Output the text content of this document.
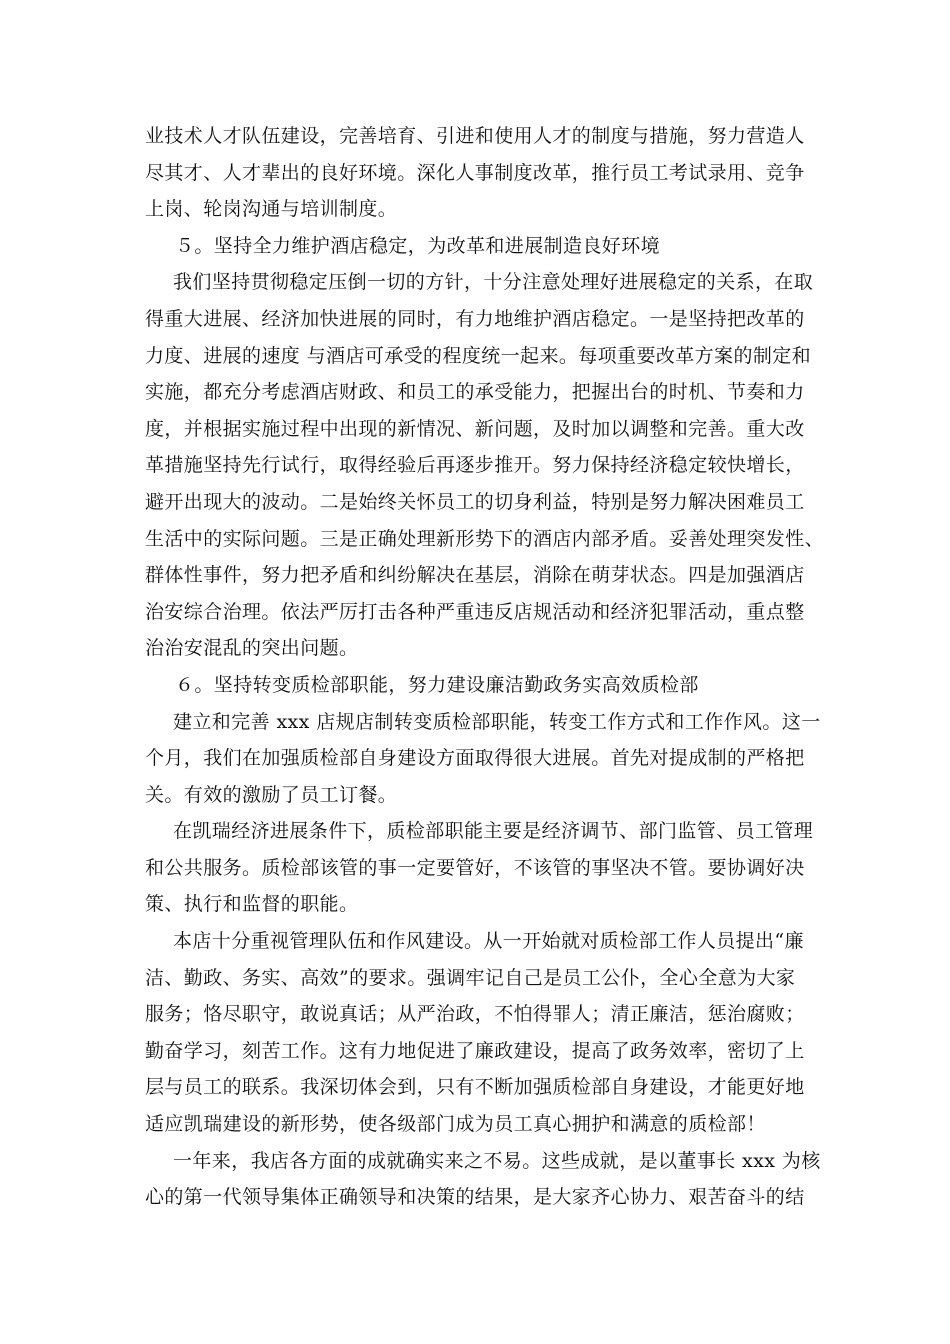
业技术人才队伍建设，完善培育、引进和使用人才的制度与措施，努力营造人
尽其才、人才辈出的良好环境。深化人事制度改革，推行员工考试录用、竞争
上岗、轮岗沟通与培训制度。
５。坚持全力维护酒店稳定，为改革和进展制造良好环境
我们坚持贯彻稳定压倒一切的方针，十分注意处理好进展稳定的关系，在取
得重大进展、经济加快进展的同时，有力地维护酒店稳定。一是坚持把改革的
力度、进展的速度 与酒店可承受的程度统一起来。每项重要改革方案的制定和
实施，都充分考虑酒店财政、和员工的承受能力，把握出台的时机、节奏和力
度，并根据实施过程中出现的新情况、新问题，及时加以调整和完善。重大改
革措施坚持先行试行，取得经验后再逐步推开。努力保持经济稳定较快增长，
避开出现大的波动。二是始终关怀员工的切身利益，特别是努力解决困难员工
生活中的实际问题。三是正确处理新形势下的酒店内部矛盾。妥善处理突发性、
群体性事件，努力把矛盾和纠纷解决在基层，消除在萌芽状态。四是加强酒店
治安综合治理。依法严厉打击各种严重违反店规活动和经济犯罪活动，重点整
治治安混乱的突出问题。
６。坚持转变质检部职能，努力建设廉洁勤政务实高效质检部
建立和完善 xxx 店规店制转变质检部职能，转变工作方式和工作作风。这一
个月，我们在加强质检部自身建设方面取得很大进展。首先对提成制的严格把
关。有效的激励了员工订餐。
在凯瑞经济进展条件下，质检部职能主要是经济调节、部门监管、员工管理
和公共服务。质检部该管的事一定要管好，不该管的事坚决不管。要协调好决
策、执行和监督的职能。
本店十分重视管理队伍和作风建设。从一开始就对质检部工作人员提出“廉
洁、勤政、务实、高效”的要求。强调牢记自己是员工公仆，全心全意为大家
服务；恪尽职守，敢说真话；从严治政，不怕得罪人；清正廉洁，惩治腐败；
勤奋学习，刻苦工作。这有力地促进了廉政建设，提高了政务效率，密切了上
层与员工的联系。我深切体会到，只有不断加强质检部自身建设，才能更好地
适应凯瑞建设的新形势，使各级部门成为员工真心拥护和满意的质检部！
一年来，我店各方面的成就确实来之不易。这些成就，是以董事长 xxx 为核
心的第一代领导集体正确领导和决策的结果，是大家齐心协力、艰苦奋斗的结
